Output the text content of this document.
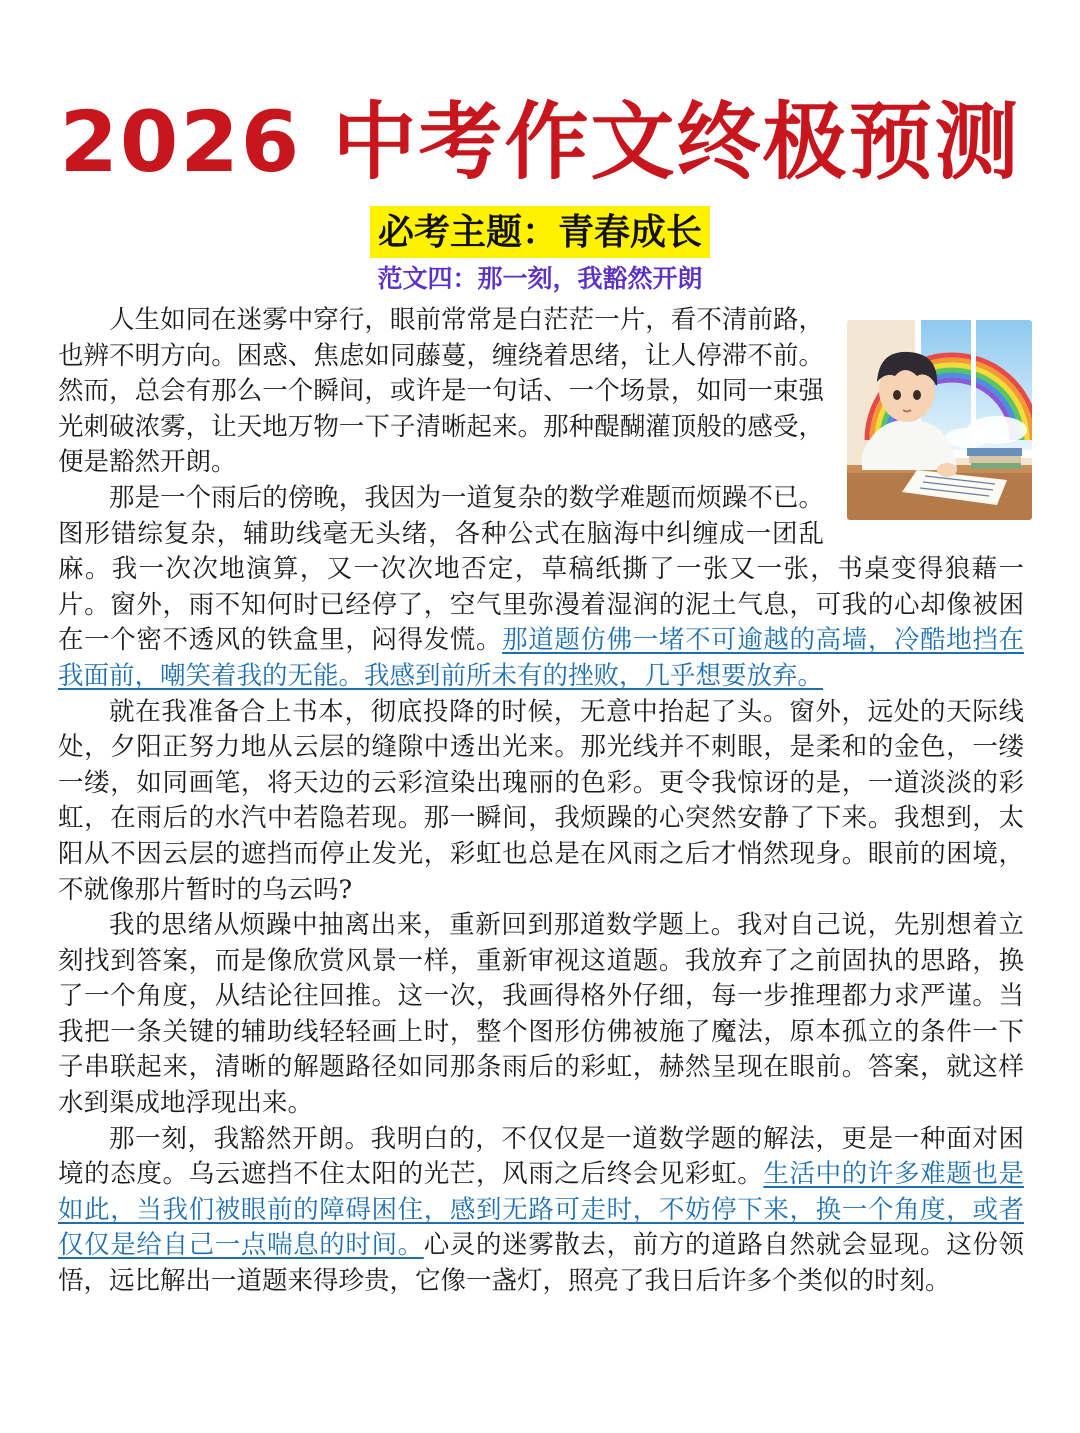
2026 中考作文终极预测
必考主题：青春成长
范文四：那一刻，我豁然开朗

人生如同在迷雾中穿行，眼前常常是白茫茫一片，看不清前路，也辨不明方向。困惑、焦虑如同藤蔓，缠绕着思绪，让人停滞不前。然而，总会有那么一个瞬间，或许是一句话、一个场景，如同一束强光刺破浓雾，让天地万物一下子清晰起来。那种醍醐灌顶般的感受，便是豁然开朗。

那是一个雨后的傍晚，我因为一道复杂的数学难题而烦躁不已。图形错综复杂，辅助线毫无头绪，各种公式在脑海中纠缠成一团乱麻。我一次次地演算，又一次次地否定，草稿纸撕了一张又一张，书桌变得狼藉一片。窗外，雨不知何时已经停了，空气里弥漫着湿润的泥土气息，可我的心却像被困在一个密不透风的铁盒里，闷得发慌。那道题仿佛一堵不可逾越的高墙，冷酷地挡在我面前，嘲笑着我的无能。我感到前所未有的挫败，几乎想要放弃。

就在我准备合上书本，彻底投降的时候，无意中抬起了头。窗外，远处的天际线处，夕阳正努力地从云层的缝隙中透出光来。那光线并不刺眼，是柔和的金色，一缕一缕，如同画笔，将天边的云彩渲染出瑰丽的色彩。更令我惊讶的是，一道淡淡的彩虹，在雨后的水汽中若隐若现。那一瞬间，我烦躁的心突然安静了下来。我想到，太阳从不因云层的遮挡而停止发光，彩虹也总是在风雨之后才悄然现身。眼前的困境，不就像那片暂时的乌云吗?

我的思绪从烦躁中抽离出来，重新回到那道数学题上。我对自己说，先别想着立刻找到答案，而是像欣赏风景一样，重新审视这道题。我放弃了之前固执的思路，换了一个角度，从结论往回推。这一次，我画得格外仔细，每一步推理都力求严谨。当我把一条关键的辅助线轻轻画上时，整个图形仿佛被施了魔法，原本孤立的条件一下子串联起来，清晰的解题路径如同那条雨后的彩虹，赫然呈现在眼前。答案，就这样水到渠成地浮现出来。

那一刻，我豁然开朗。我明白的，不仅仅是一道数学题的解法，更是一种面对困境的态度。乌云遮挡不住太阳的光芒，风雨之后终会见彩虹。生活中的许多难题也是如此，当我们被眼前的障碍困住，感到无路可走时，不妨停下来，换一个角度，或者仅仅是给自己一点喘息的时间。心灵的迷雾散去，前方的道路自然就会显现。这份领悟，远比解出一道题来得珍贵，它像一盏灯，照亮了我日后许多个类似的时刻。
